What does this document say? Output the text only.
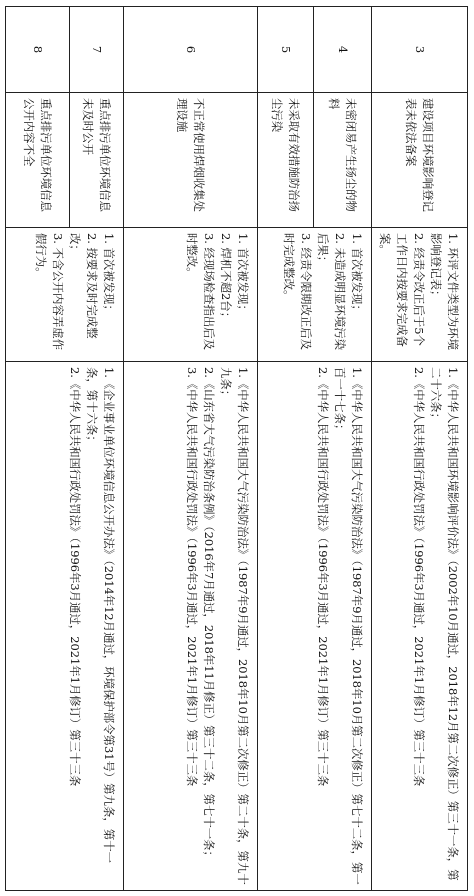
3	建设项目环境影响登记表未依法备案	1. 环评文件类型为环境影响登记表；
2. 经责令改正后于5个工作日内按要求完成备案。	1.《中华人民共和国环境影响评价法》（2002年10月通过，2018年12月第二次修正）第三十一条，第二十六条；
2.《中华人民共和国行政处罚法》（1996年3月通过，2021年1月修订）第三十三条

4	未密闭易产生扬尘的物料	1. 首次被发现；
2. 未造成明显环境污染后果；
3. 经责令限期改正后及时完成整改。	1.《中华人民共和国大气污染防治法》（1987年9月通过，2018年10月第二次修正）第七十二条，第一百一十七条；
2.《中华人民共和国行政处罚法》（1996年3月通过，2021年1月修订）第三十三条

5	未采取有效措施防治扬尘污染		
6	不正常使用焊烟收集处理设施	1. 首次被发现；
2. 焊机不超2台；
3. 经现场检查指出后及时整改。	1.《中华人民共和国大气污染防治法》（1987年9月通过，2018年10月第二次修正）第二十条，第九十九条；
2.《山东省大气污染防治条例》（2016年7月通过，2018年11月修正）第三十二条，第七十一条；
3.《中华人民共和国行政处罚法》（1996年3月通过，2021年1月修订）第三十三条

7	重点排污单位环境信息未及时公开	1. 首次被发现；
2. 按要求及时完成整改；
3. 不含公开内容弄虚作假行为。	1.《企业事业单位环境信息公开办法》（2014年12月通过，环境保护部令第31号）第九条，第十一条，第十六条；
2.《中华人民共和国行政处罚法》（1996年3月通过，2021年1月修订）第三十三条

8	重点排污单位环境信息公开内容不全		
